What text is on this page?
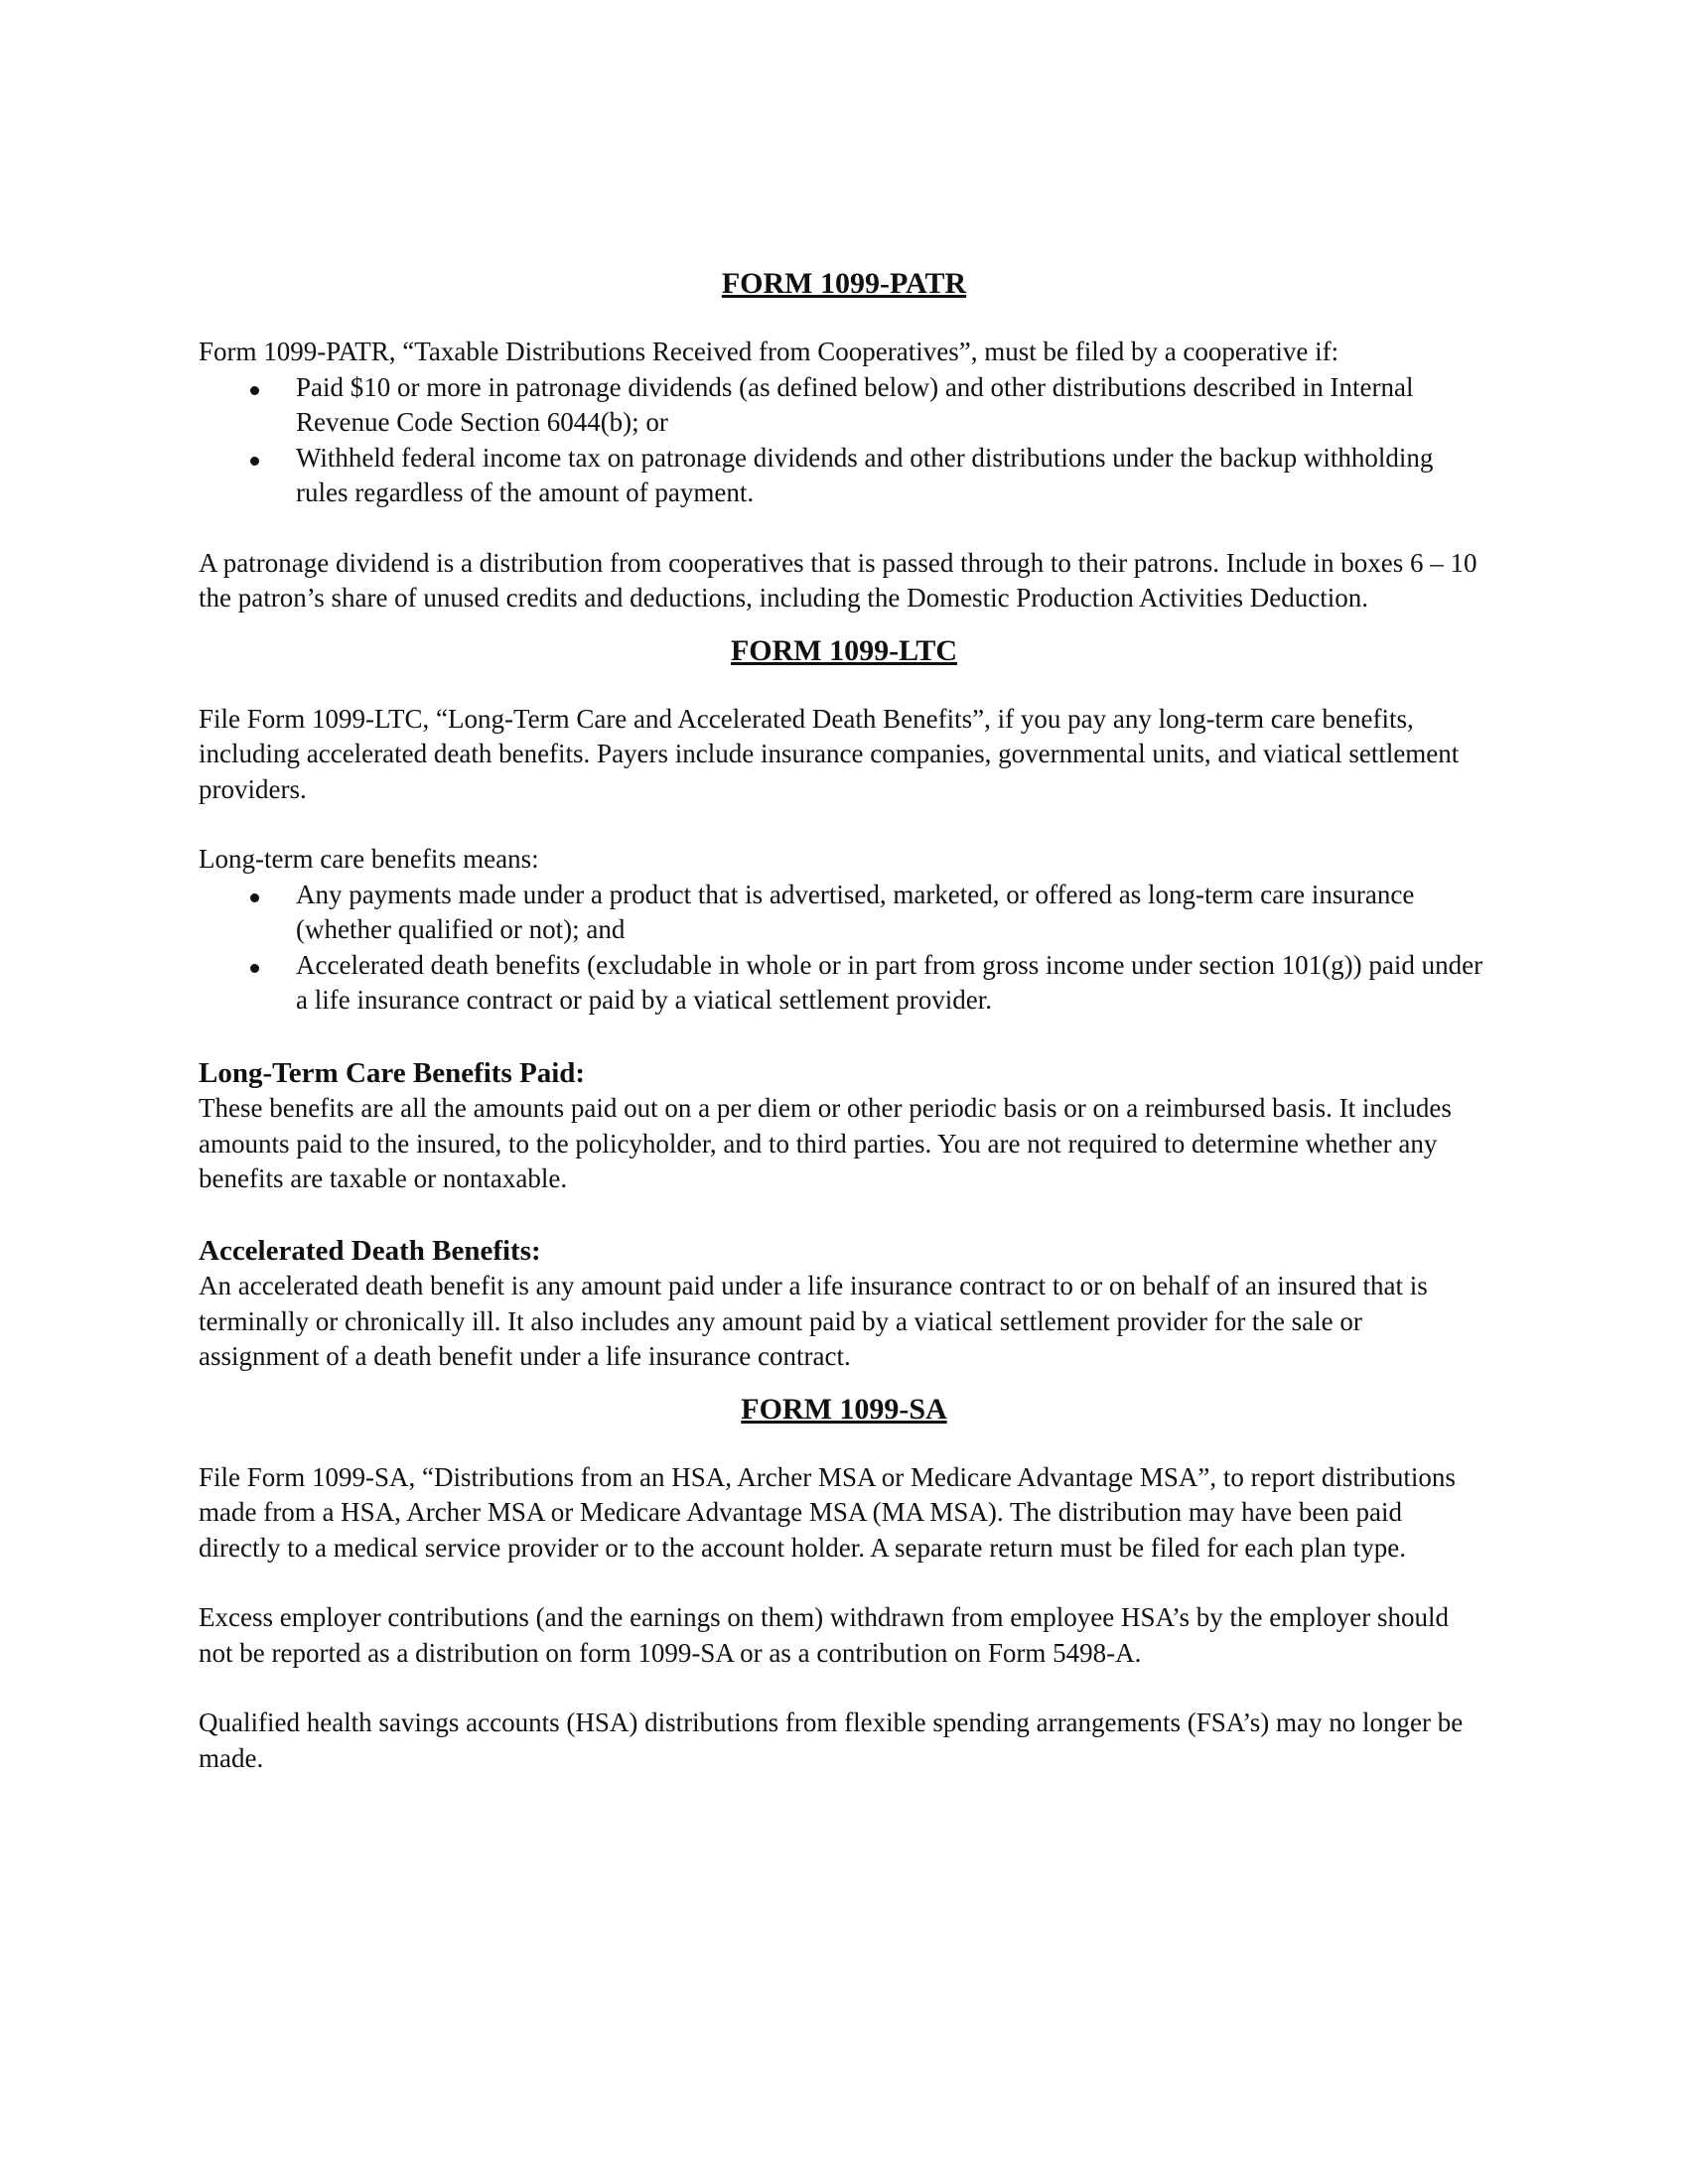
FORM 1099-PATR

Form 1099-PATR, “Taxable Distributions Received from Cooperatives”, must be filed by a cooperative if:

Paid $10 or more in patronage dividends (as defined below) and other distributions described in Internal Revenue Code Section 6044(b); or
Withheld federal income tax on patronage dividends and other distributions under the backup withholding rules regardless of the amount of payment.

A patronage dividend is a distribution from cooperatives that is passed through to their patrons. Include in boxes 6 – 10 the patron’s share of unused credits and deductions, including the Domestic Production Activities Deduction.

FORM 1099-LTC

File Form 1099-LTC, “Long-Term Care and Accelerated Death Benefits”, if you pay any long-term care benefits, including accelerated death benefits. Payers include insurance companies, governmental units, and viatical settlement providers.

Long-term care benefits means:

Any payments made under a product that is advertised, marketed, or offered as long-term care insurance (whether qualified or not); and
Accelerated death benefits (excludable in whole or in part from gross income under section 101(g)) paid under a life insurance contract or paid by a viatical settlement provider.
Long-Term Care Benefits Paid:

These benefits are all the amounts paid out on a per diem or other periodic basis or on a reimbursed basis. It includes amounts paid to the insured, to the policyholder, and to third parties. You are not required to determine whether any benefits are taxable or nontaxable.

Accelerated Death Benefits:

An accelerated death benefit is any amount paid under a life insurance contract to or on behalf of an insured that is terminally or chronically ill. It also includes any amount paid by a viatical settlement provider for the sale or assignment of a death benefit under a life insurance contract.

FORM 1099-SA

File Form 1099-SA, “Distributions from an HSA, Archer MSA or Medicare Advantage MSA”, to report distributions made from a HSA, Archer MSA or Medicare Advantage MSA (MA MSA). The distribution may have been paid directly to a medical service provider or to the account holder. A separate return must be filed for each plan type.

Excess employer contributions (and the earnings on them) withdrawn from employee HSA’s by the employer should not be reported as a distribution on form 1099-SA or as a contribution on Form 5498-A.

Qualified health savings accounts (HSA) distributions from flexible spending arrangements (FSA’s) may no longer be made.
